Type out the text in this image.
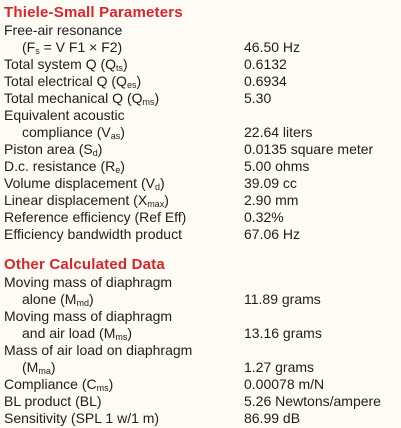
Thiele-Small Parameters
Free-air resonance
($F_s = V$ F1 × F2)	46.50 Hz
Total system Q $(Q_{ts})$	0.6132
Total electrical Q $(Q_{es})$	0.6934
Total mechanical Q $(Q_{ms})$	5.30
Equivalent acoustic
compliance $(V_{as})$	22.64 liters
Piston area $(S_d)$	0.0135 square meter
D.c. resistance $(R_e)$	5.00 ohms
Volume displacement $(V_d)$	39.09 cc
Linear displacement $(X_{max})$	2.90 mm
Reference efficiency (Ref Eff)	0.32%
Efficiency bandwidth product	67.06 Hz
Other Calculated Data
Moving mass of diaphragm
alone $(M_{md})$	11.89 grams
Moving mass of diaphragm
and air load $(M_{ms})$	13.16 grams
Mass of air load on diaphragm
$(M_{ma})$	1.27 grams
Compliance $(C_{ms})$	0.00078 m/N
BL product (BL)	5.26 Newtons/ampere
Sensitivity (SPL 1 w/1 m)	86.99 dB
